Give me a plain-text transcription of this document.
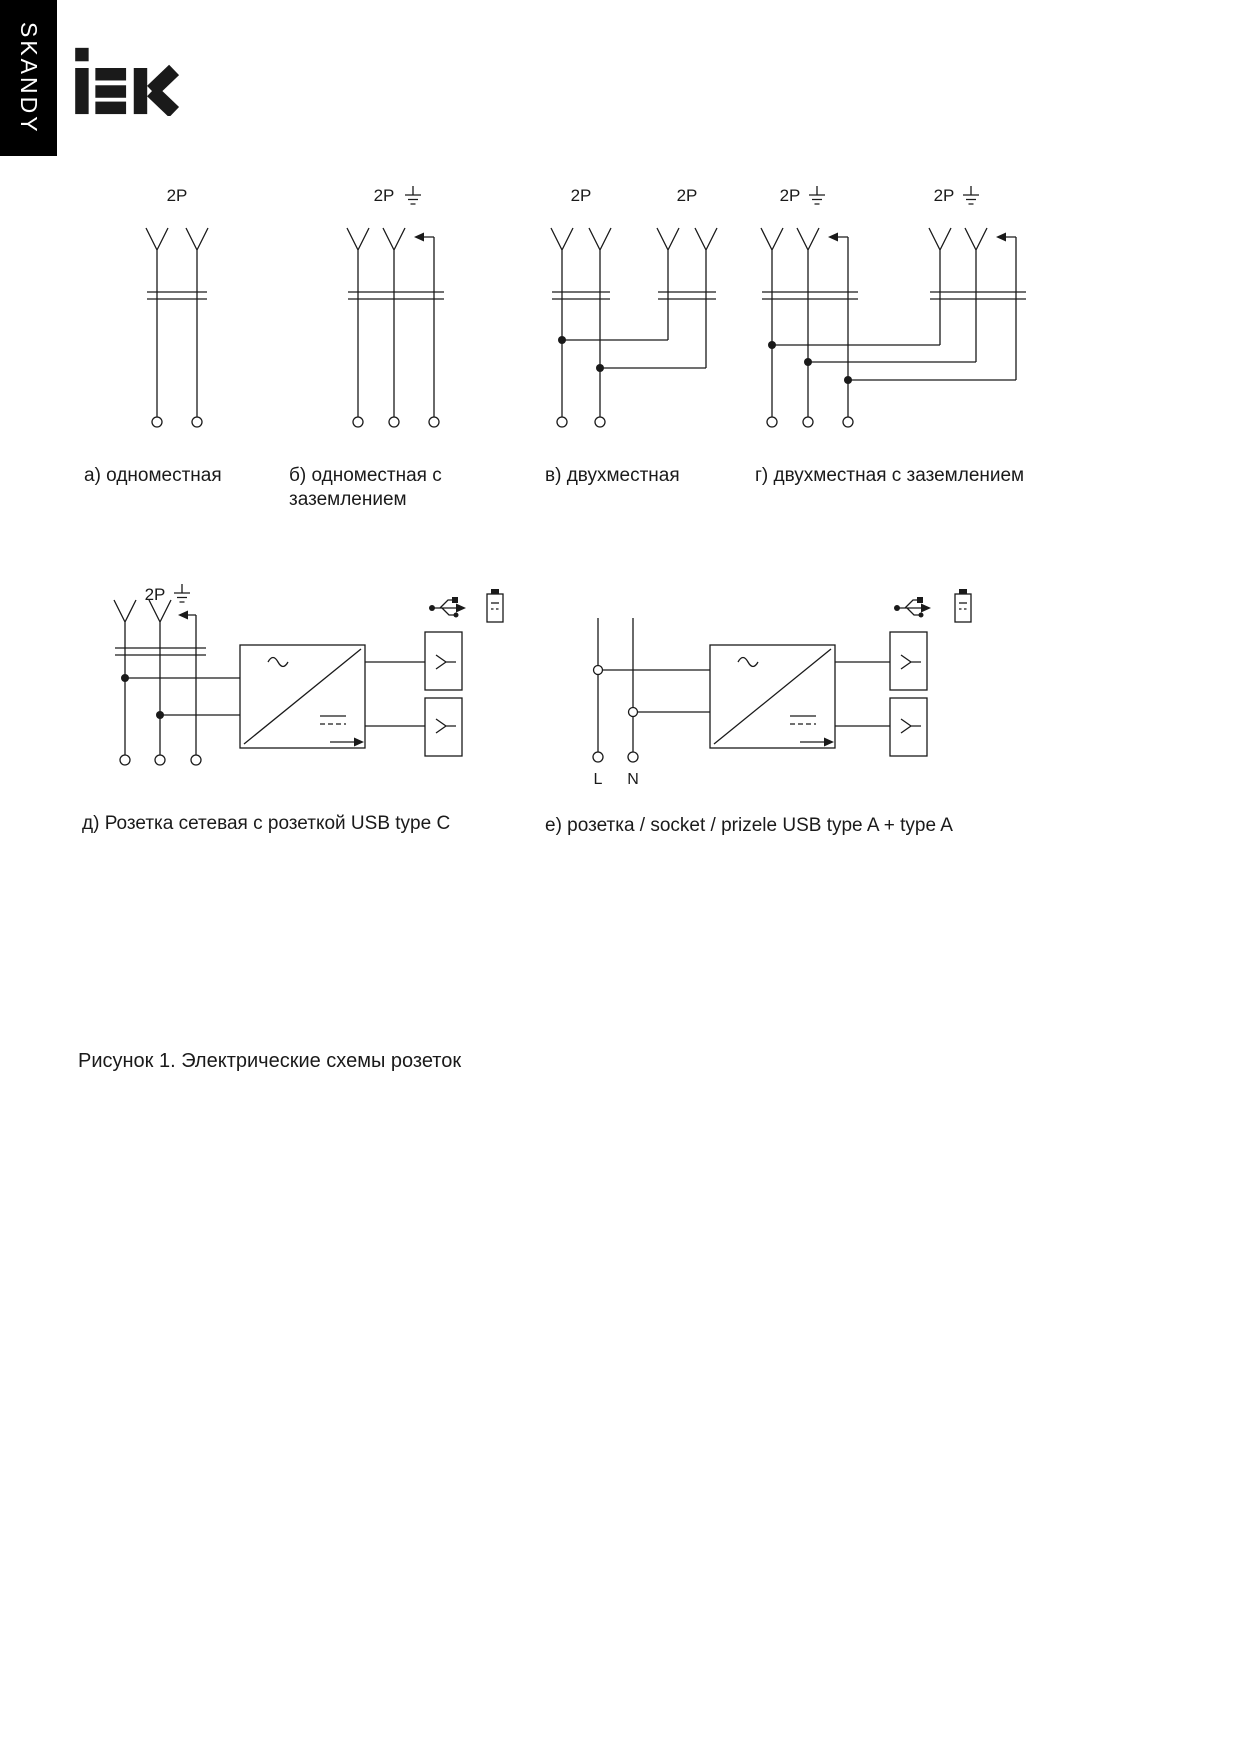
SKANDY
2P	2P	2P	2P	2P	2P
2P
L N
а) одноместная	б) одноместная с заземлением
в) двухместная	г) двухместная с заземлением
д) Розетка сетевая с розеткой USB type C	е) розетка / socket / prizele USB type A + type A
Рисунок 1. Электрические схемы розеток
